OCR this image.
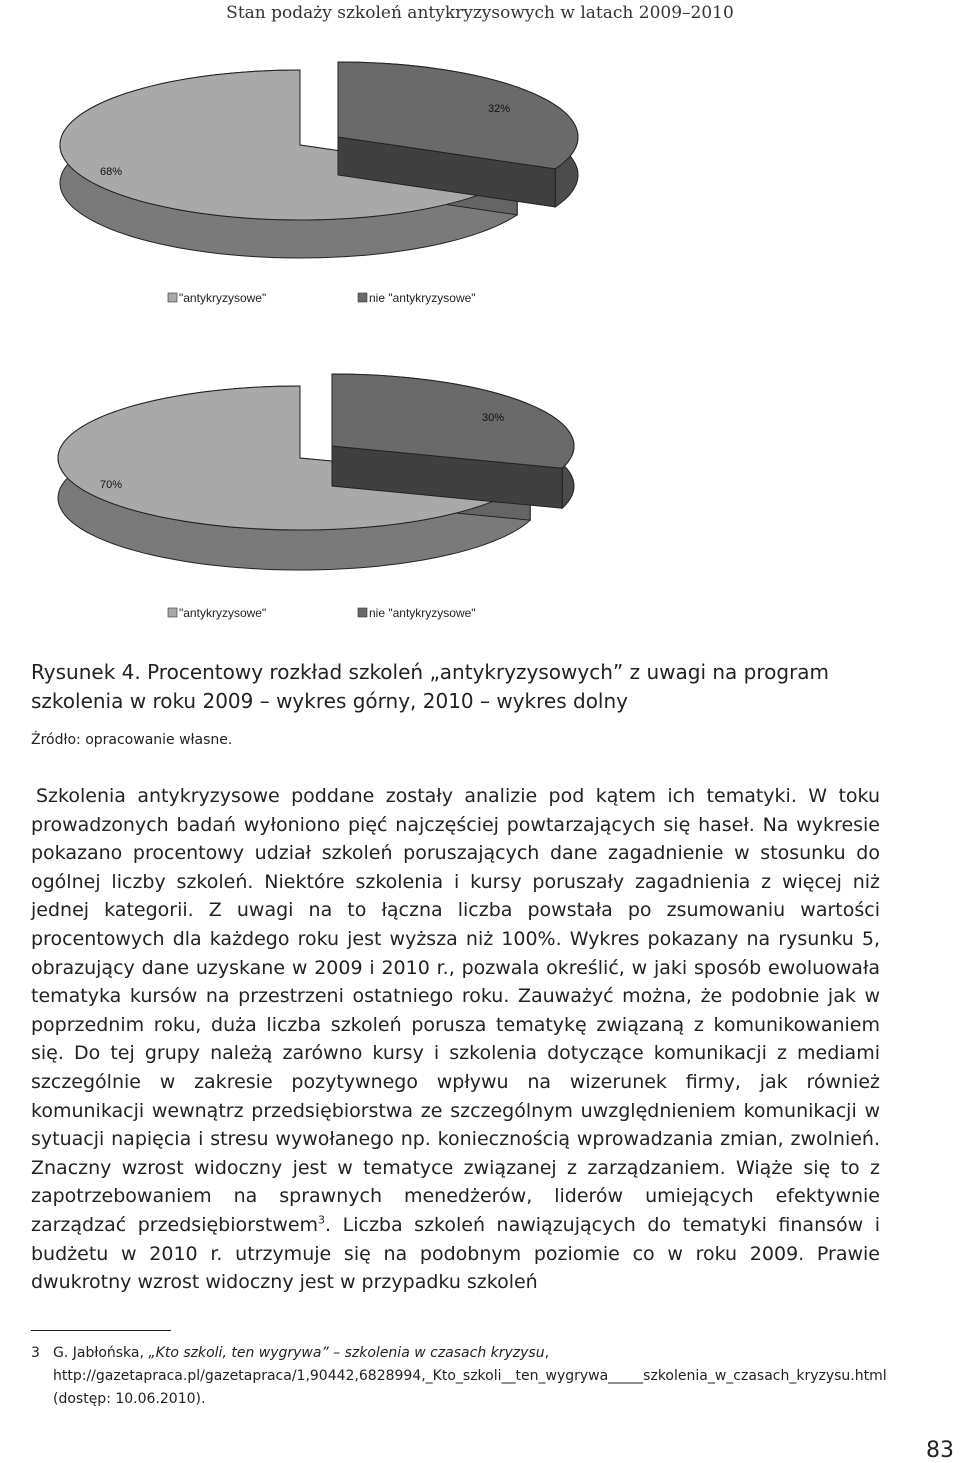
Stan podaży szkoleń antykryzysowych w latach 2009–2010
68%
32%
"antykryzysowe"	nie "antykryzysowe"
70%
30%
"antykryzysowe"	nie "antykryzysowe"
Rysunek 4. Procentowy rozkład szkoleń „antykryzysowych” z uwagi na program szkolenia w roku 2009 – wykres górny, 2010 – wykres dolny
Źródło: opracowanie własne.
Szkolenia antykryzysowe poddane zostały analizie pod kątem ich tematyki. W toku prowadzonych badań wyłoniono pięć najczęściej powtarzających się haseł. Na wykresie pokazano procentowy udział szkoleń poruszających dane zagadnienie w stosunku do ogólnej liczby szkoleń. Niektóre szkolenia i kursy poruszały zagadnienia z więcej niż jednej kategorii. Z uwagi na to łączna liczba powstała po zsumowaniu wartości procentowych dla każdego roku jest wyższa niż 100%. Wykres pokazany na rysunku 5, obrazujący dane uzyskane w 2009 i 2010 r., pozwala określić, w jaki sposób ewoluowała tematyka kursów na przestrzeni ostatniego roku. Zauważyć można, że podobnie jak w poprzednim roku, duża liczba szkoleń porusza tematykę związaną z komunikowaniem się. Do tej grupy należą zarówno kursy i szkolenia dotyczące komunikacji z mediami szczególnie w zakresie pozytywnego wpływu na wizerunek firmy, jak również komunikacji wewnątrz przedsiębiorstwa ze szczególnym uwzględnieniem komunikacji w sytuacji napięcia i stresu wywołanego np. koniecznością wprowadzania zmian, zwolnień. Znaczny wzrost widoczny jest w tematyce związanej z zarządzaniem. Wiąże się to z zapotrzebowaniem na sprawnych menedżerów, liderów umiejących efektywnie zarządzać przedsiębiorstwem$^3$. Liczba szkoleń nawiązujących do tematyki finansów i budżetu w 2010 r. utrzymuje się na podobnym poziomie co w roku 2009. Prawie dwukrotny wzrost widoczny jest w przypadku szkoleń
3 G. Jabłońska, „Kto szkoli, ten wygrywa” – szkolenia w czasach kryzysu, http://gazetapraca.pl/gazetapraca/1,90442,6828994,_Kto_szkoli__ten_wygrywa_____szkolenia_w_czasach_kryzysu.html (dostęp: 10.06.2010).
83
